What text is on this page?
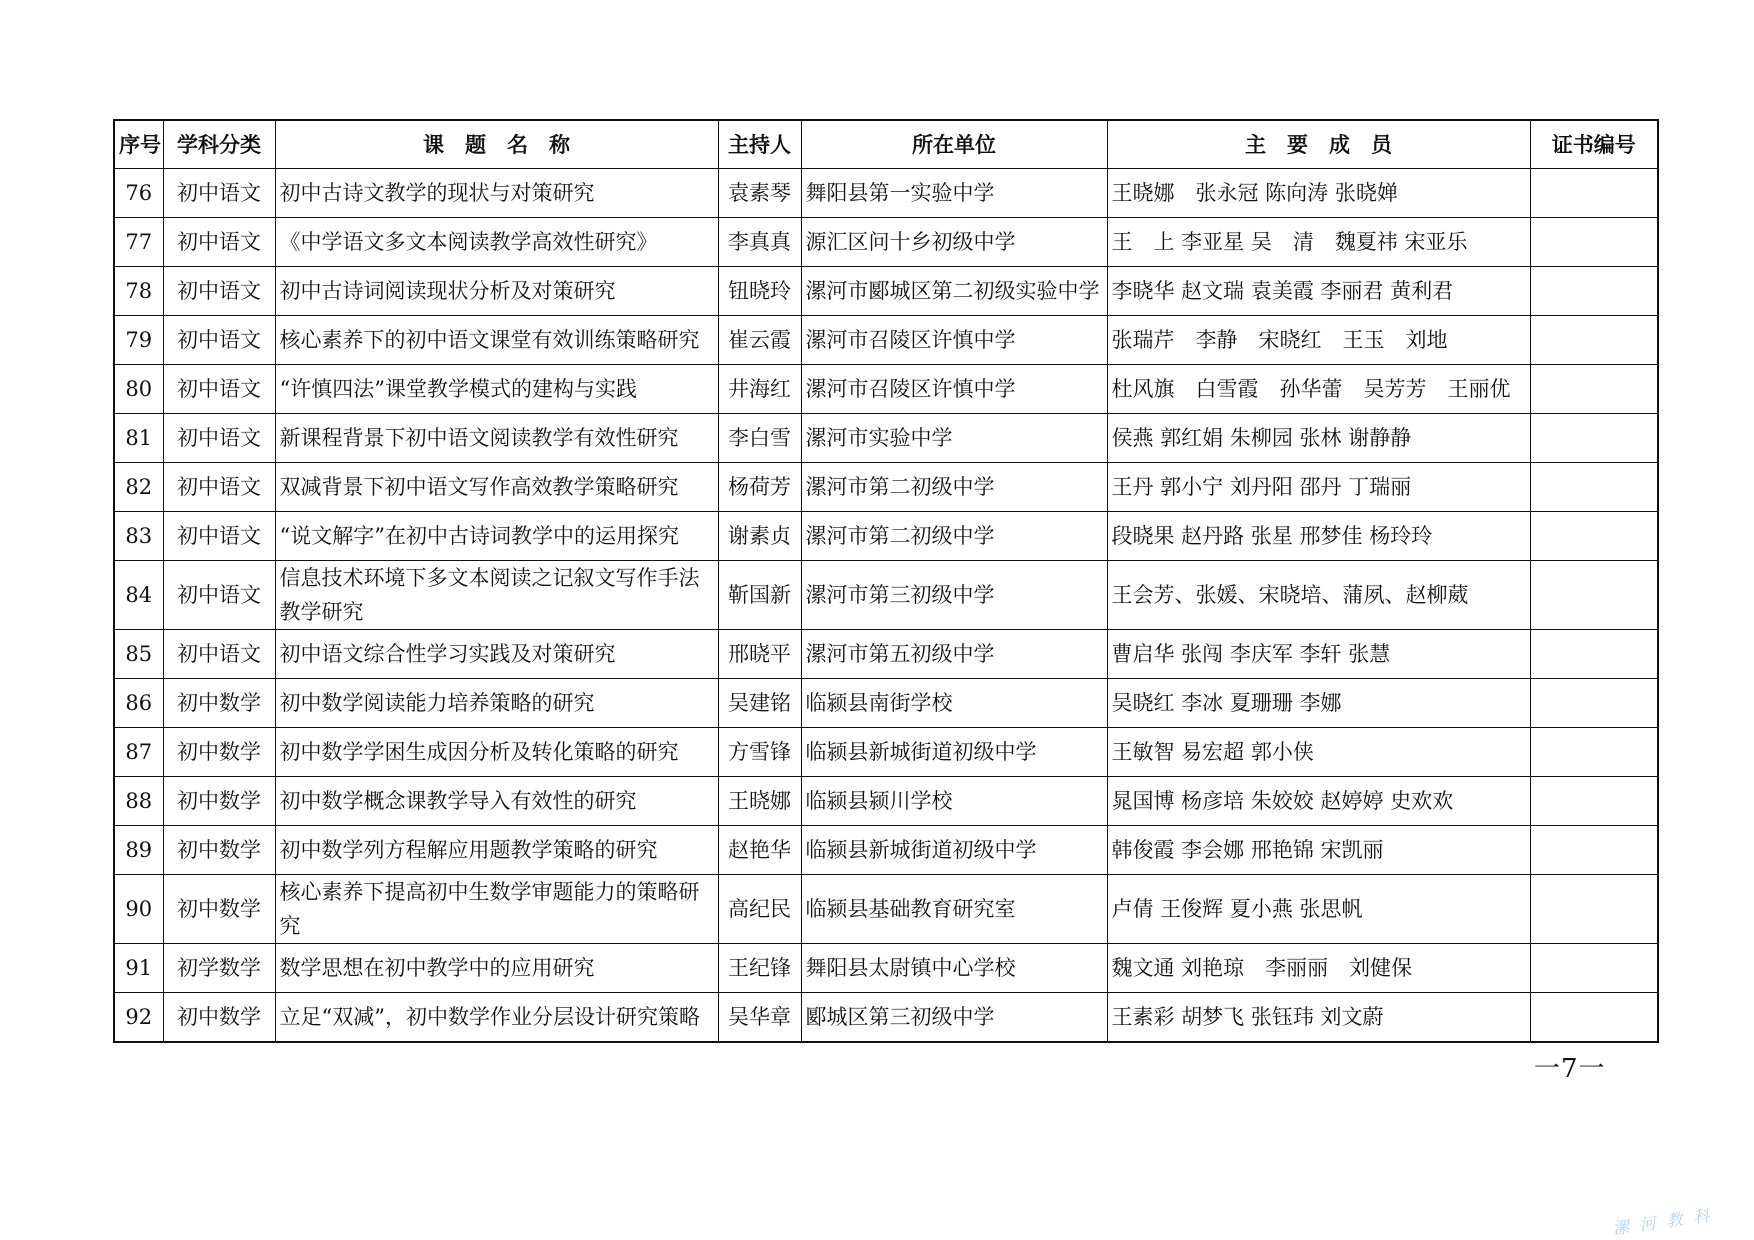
序号	学科分类	课　题　名　称	主持人	所在单位	主　要　成　员	证书编号
76	初中语文	初中古诗文教学的现状与对策研究	袁素琴	舞阳县第一实验中学	王晓娜　张永冠 陈向涛 张晓婵	
77	初中语文	《中学语文多文本阅读教学高效性研究》	李真真	源汇区问十乡初级中学	王　上 李亚星 吴　清　魏夏祎 宋亚乐	
78	初中语文	初中古诗词阅读现状分析及对策研究	钮晓玲	漯河市郾城区第二初级实验中学	李晓华 赵文瑞 袁美霞 李丽君 黄利君	
79	初中语文	核心素养下的初中语文课堂有效训练策略研究	崔云霞	漯河市召陵区许慎中学	张瑞芹　李静　宋晓红　王玉　刘地	
80	初中语文	“许慎四法”课堂教学模式的建构与实践	井海红	漯河市召陵区许慎中学	杜风旗　白雪霞　孙华蕾　吴芳芳　王丽优	
81	初中语文	新课程背景下初中语文阅读教学有效性研究	李白雪	漯河市实验中学	侯燕 郭红娟 朱柳园 张林 谢静静	
82	初中语文	双减背景下初中语文写作高效教学策略研究	杨荷芳	漯河市第二初级中学	王丹 郭小宁 刘丹阳 邵丹 丁瑞丽	
83	初中语文	“说文解字”在初中古诗词教学中的运用探究	谢素贞	漯河市第二初级中学	段晓果 赵丹路 张星 邢梦佳 杨玲玲	
84	初中语文	信息技术环境下多文本阅读之记叙文写作手法教学研究	靳国新	漯河市第三初级中学	王会芳、张媛、宋晓培、蒲夙、赵柳葳	
85	初中语文	初中语文综合性学习实践及对策研究	邢晓平	漯河市第五初级中学	曹启华 张闯 李庆军 李轩 张慧	
86	初中数学	初中数学阅读能力培养策略的研究	吴建铭	临颍县南街学校	吴晓红 李冰 夏珊珊 李娜	
87	初中数学	初中数学学困生成因分析及转化策略的研究	方雪锋	临颍县新城街道初级中学	王敏智 易宏超 郭小侠	
88	初中数学	初中数学概念课教学导入有效性的研究	王晓娜	临颍县颍川学校	晁国博 杨彦培 朱姣姣 赵婷婷 史欢欢	
89	初中数学	初中数学列方程解应用题教学策略的研究	赵艳华	临颍县新城街道初级中学	韩俊霞 李会娜 邢艳锦 宋凯丽	
90	初中数学	核心素养下提高初中生数学审题能力的策略研究	高纪民	临颍县基础教育研究室	卢倩 王俊辉 夏小燕 张思帆	
91	初学数学	数学思想在初中教学中的应用研究	王纪锋	舞阳县太尉镇中心学校	魏文通 刘艳琼　李丽丽　刘健保	
92	初中数学	立足“双减”，初中数学作业分层设计研究策略	吴华章	郾城区第三初级中学	王素彩 胡梦飞 张钰玮 刘文蔚	
一7一
漯 河 教 科
